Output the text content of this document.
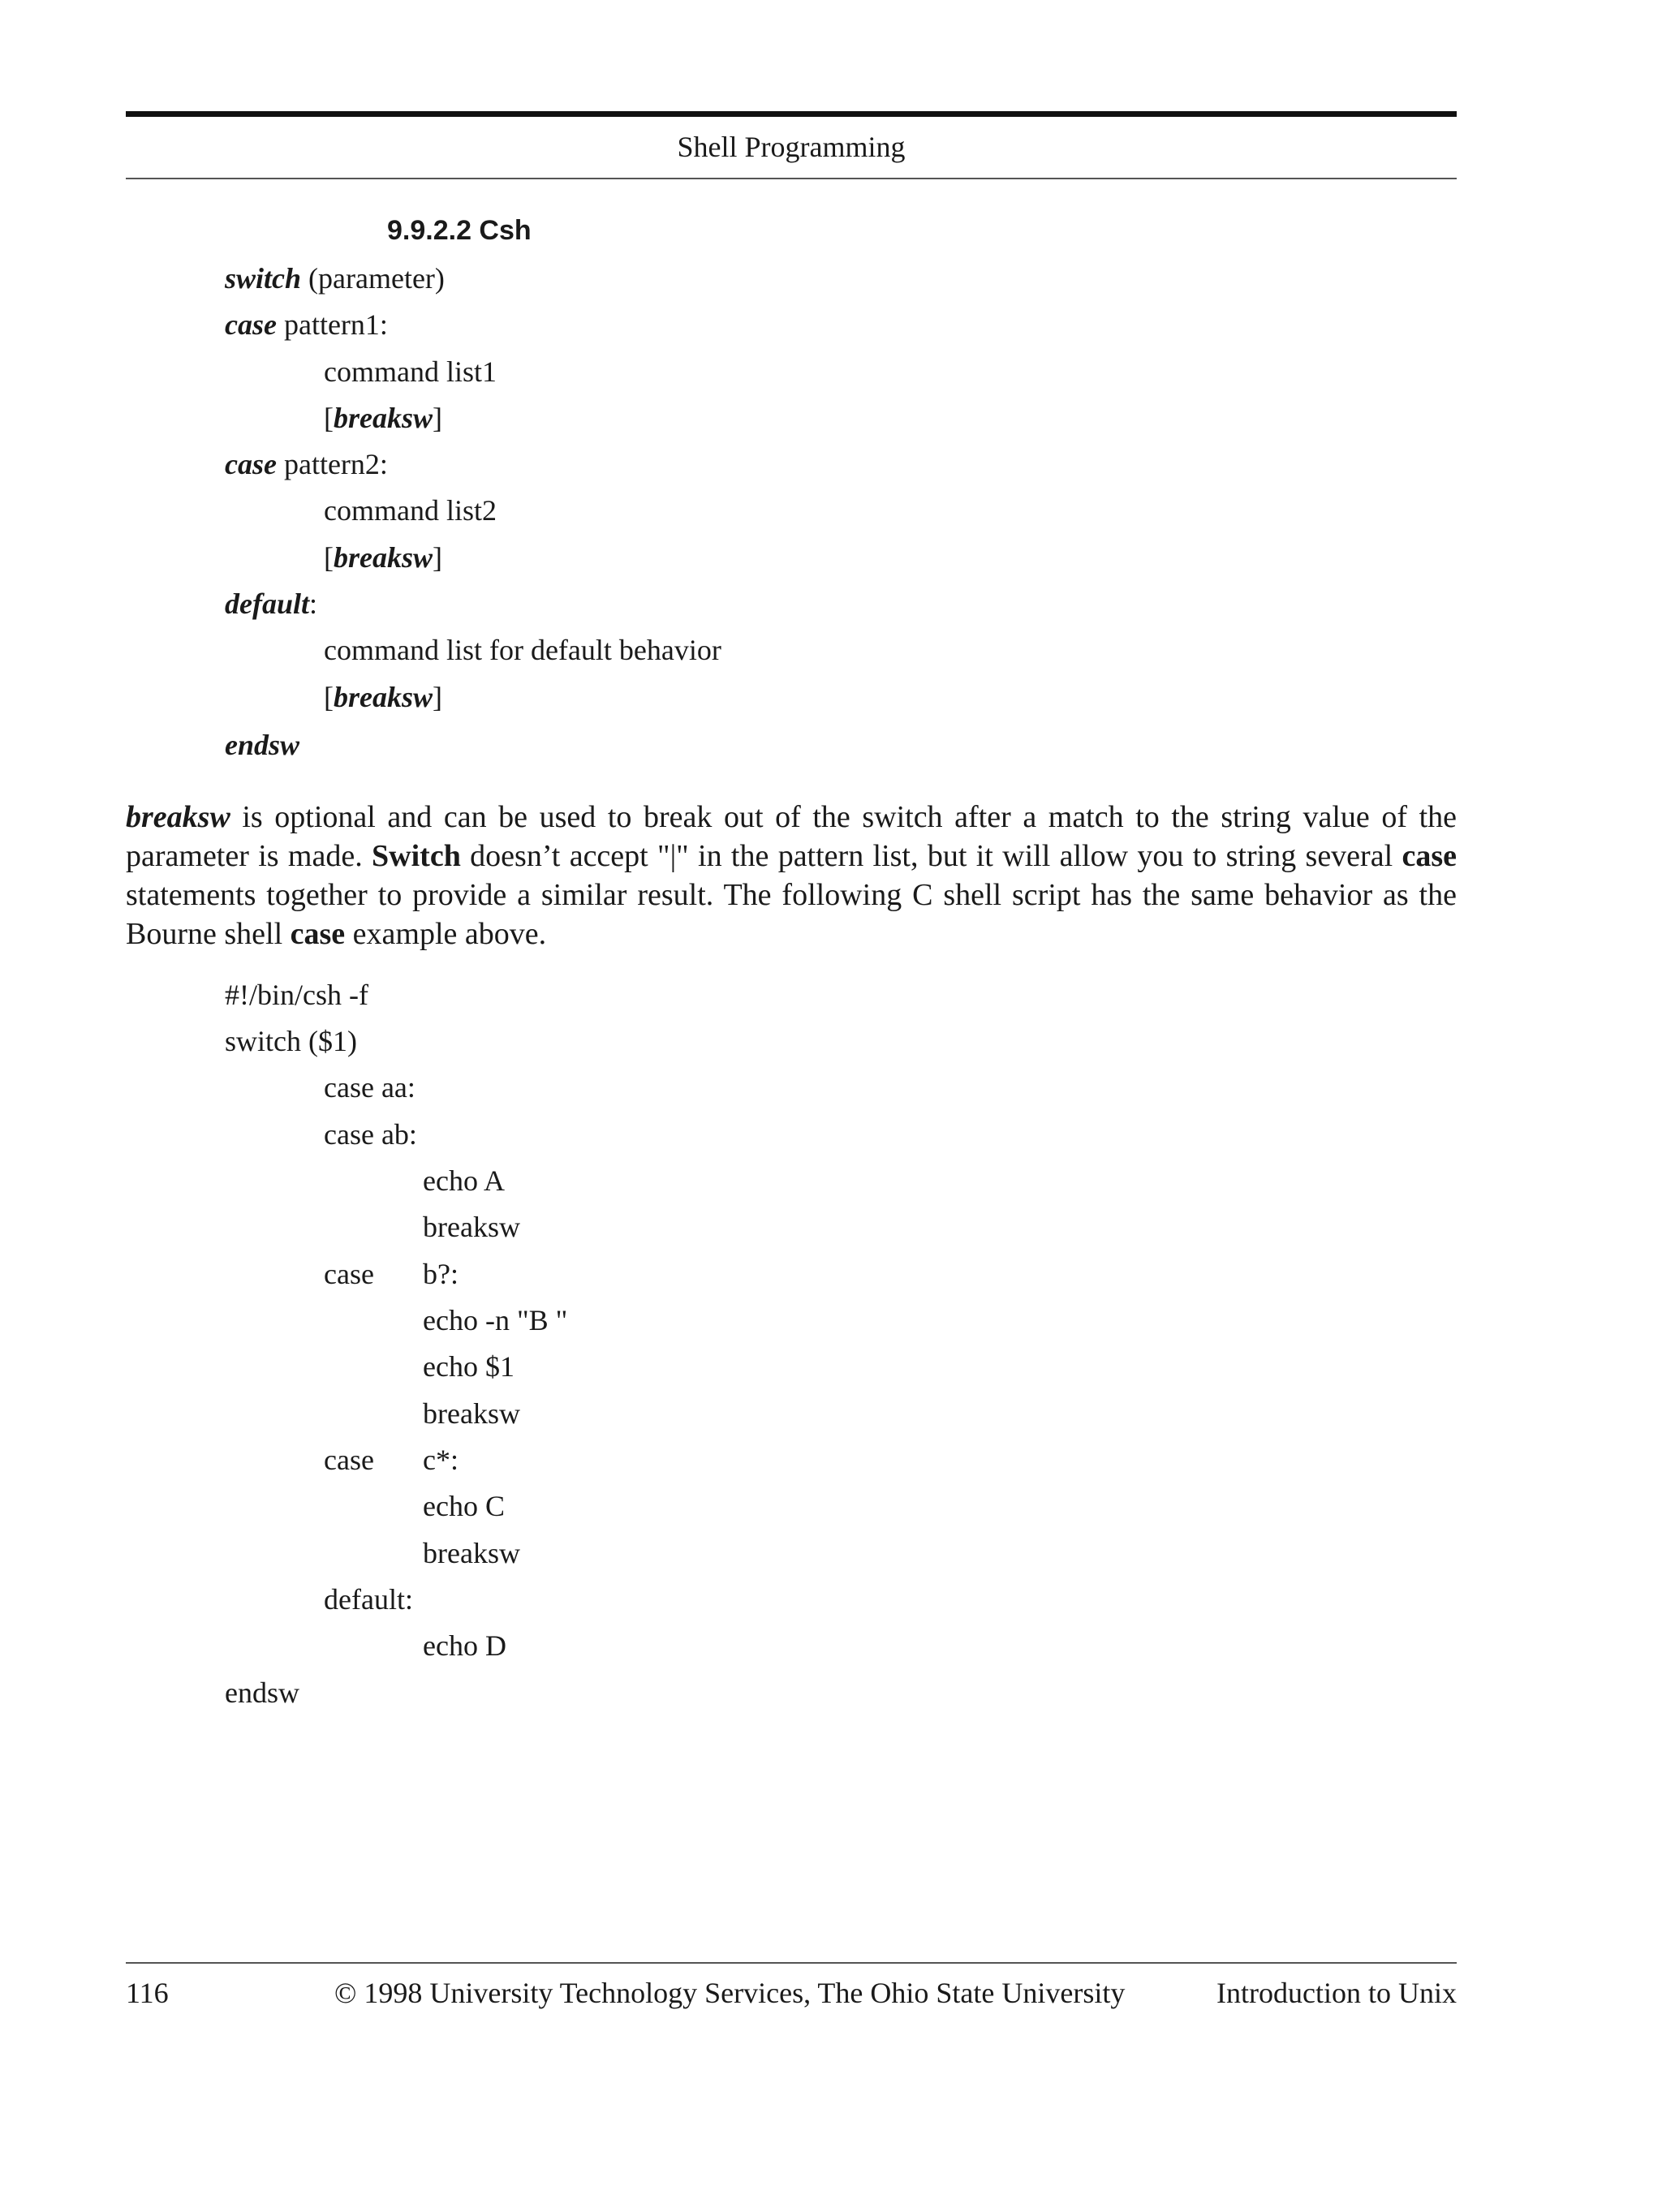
Shell Programming
9.9.2.2 Csh
switch (parameter)
case pattern1:
command list1
[breaksw]
case pattern2:
command list2
[breaksw]
default:
command list for default behavior
[breaksw]
endsw
breaksw is optional and can be used to break out of the switch after a match to the string value of the parameter is made. Switch doesn’t accept "|" in the pattern list, but it will allow you to string several case statements together to provide a similar result. The following C shell script has the same behavior as the Bourne shell case example above.
#!/bin/csh -f
switch ($1)
case aa:
case ab:
echo A
breaksw
case b?:
echo -n "B "
echo $1
breaksw
case c*:
echo C
breaksw
default:
echo D
endsw
116	© 1998 University Technology Services, The Ohio State University	Introduction to Unix
